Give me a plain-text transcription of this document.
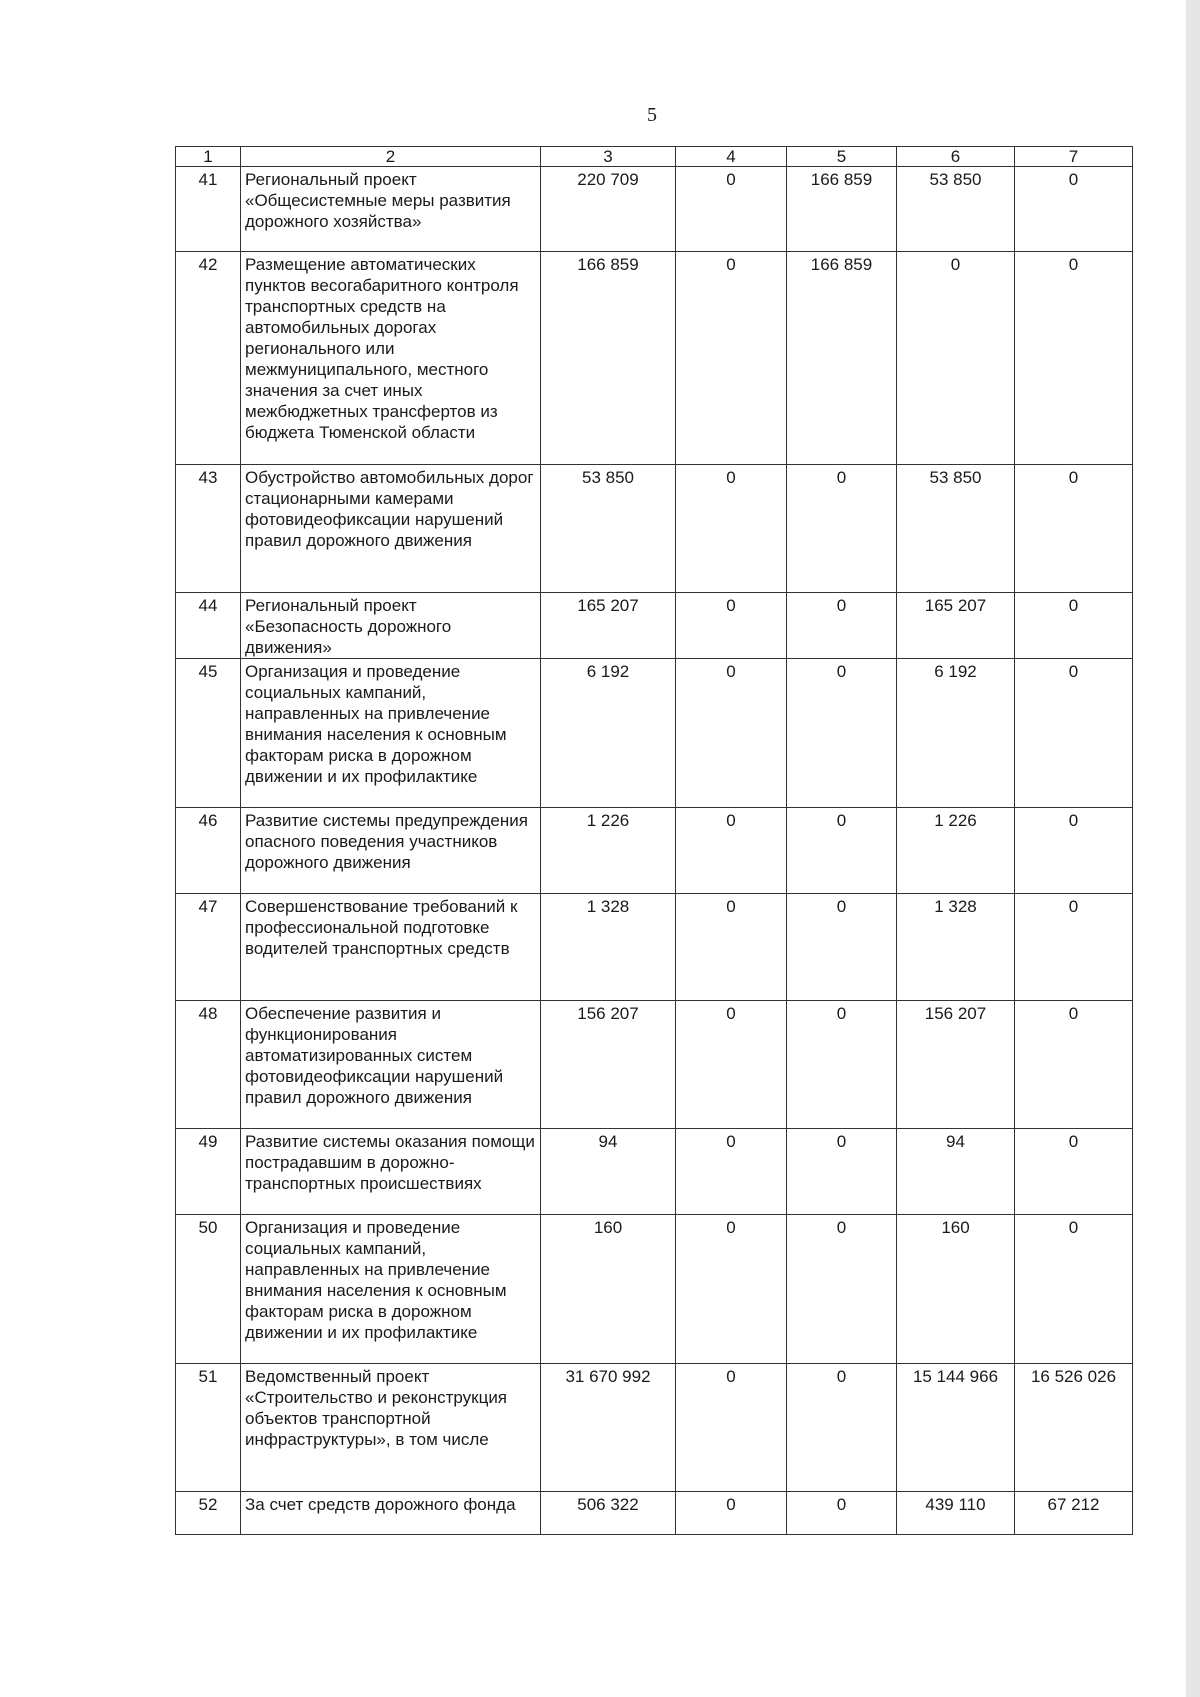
5
1	2	3	4	5	6	7
41	Региональный проект «Общесистемные меры развития дорожного хозяйства»	220 709	0	166 859	53 850	0
42	Размещение автоматических пунктов весогабаритного контроля транспортных средств на автомобильных дорогах регионального или межмуниципального, местного значения за счет иных межбюджетных трансфертов из бюджета Тюменской области	166 859	0	166 859	0	0
43	Обустройство автомобильных дорог стационарными камерами фотовидеофиксации нарушений правил дорожного движения	53 850	0	0	53 850	0
44	Региональный проект «Безопасность дорожного движения»	165 207	0	0	165 207	0
45	Организация и проведение социальных кампаний, направленных на привлечение внимания населения к основным факторам риска в дорожном движении и их профилактике	6 192	0	0	6 192	0
46	Развитие системы предупреждения опасного поведения участников дорожного движения	1 226	0	0	1 226	0
47	Совершенствование требований к профессиональной подготовке водителей транспортных средств	1 328	0	0	1 328	0
48	Обеспечение развития и функционирования автоматизированных систем фотовидеофиксации нарушений правил дорожного движения	156 207	0	0	156 207	0
49	Развитие системы оказания помощи пострадавшим в дорожно-транспортных происшествиях	94	0	0	94	0
50	Организация и проведение социальных кампаний, направленных на привлечение внимания населения к основным факторам риска в дорожном движении и их профилактике	160	0	0	160	0
51	Ведомственный проект «Строительство и реконструкция объектов транспортной инфраструктуры», в том числе	31 670 992	0	0	15 144 966	16 526 026
52	За счет средств дорожного фонда	506 322	0	0	439 110	67 212
